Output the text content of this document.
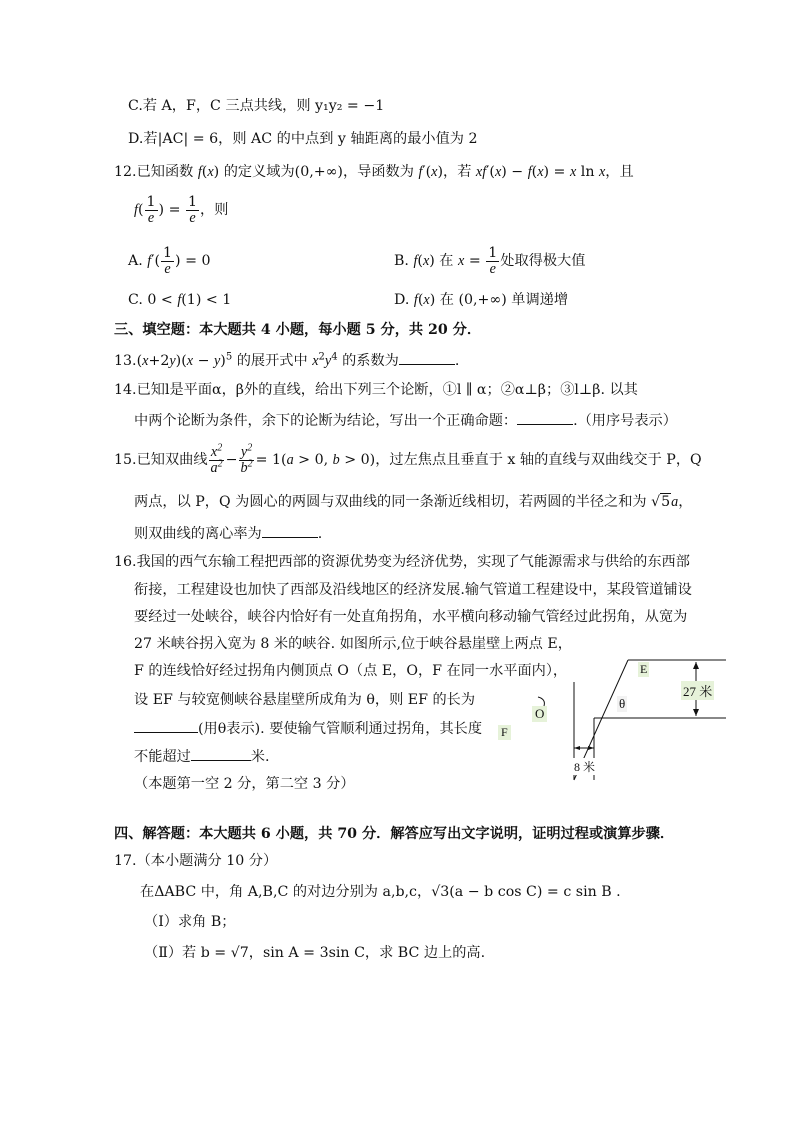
C.若 A，F，C 三点共线，则 y₁y₂ = −1
D.若|AC| = 6，则 AC 的中点到 y 轴距离的最小值为 2
12.已知函数 f(x) 的定义域为(0,+∞)，导函数为 f′(x)，若 xf′(x) − f(x) = x ln x，且
$f( \frac{1}{e}$ ) = $\frac{1}{e}$ ，则
A. $f'( \frac{1}{e}$ ) = 0	B. f(x) 在 $x = \frac{1}{e}$ 处取得极大值
C. 0 < f(1) < 1	D. f(x) 在 (0,+∞) 单调递增
三、填空题：本大题共 4 小题，每小题 5 分，共 20 分．
$13.(x+2y)(x - y)^5$ 的展开式中 $x^2y^4$ 的系数为	.
14.已知l是平面α，β外的直线，给出下列三个论断，①l ∥ α；②α⊥β；③l⊥β. 以其
中两个论断为条件，余下的论断为结论，写出一个正确命题：	.（用序号表示）
15.已知双曲线 $\frac{x^2}{a^2} - \frac{y^2}{b^2} = 1(a > 0$, b > 0)，过左焦点且垂直于 x 轴的直线与双曲线交于 P，Q
两点，以 P，Q 为圆心的两圆与双曲线的同一条渐近线相切，若两圆的半径之和为 √5a，
则双曲线的离心率为	.
16.我国的西气东输工程把西部的资源优势变为经济优势，实现了气能源需求与供给的东西部
衔接，工程建设也加快了西部及沿线地区的经济发展.输气管道工程建设中，某段管道铺设
要经过一处峡谷，峡谷内恰好有一处直角拐角，水平横向移动输气管经过此拐角，从宽为
27 米峡谷拐入宽为 8 米的峡谷. 如图所示,位于峡谷悬崖壁上两点 E，
F 的连线恰好经过拐角内侧顶点 O（点 E，O，F 在同一水平面内），
设 EF 与较宽侧峡谷悬崖壁所成角为 θ，则 EF 的长为
(用θ表示). 要使输气管顺利通过拐角，其长度
不能超过	米.
（本题第一空 2 分，第二空 3 分）
O
F
E
θ
27 米
8 米
四、解答题：本大题共 6 小题，共 70 分．解答应写出文字说明，证明过程或演算步骤．
17.（本小题满分 10 分）
在ΔABC 中，角 A,B,C 的对边分别为 a,b,c，√3(a − b cos C) = c sin B .
（Ⅰ）求角 B；
（Ⅱ）若 b = √7，sin A = 3sin C，求 BC 边上的高.
